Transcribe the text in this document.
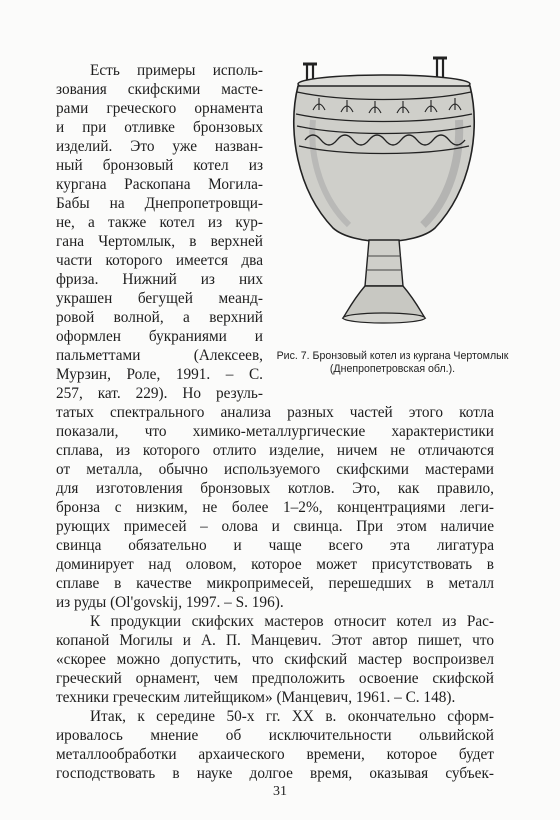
Рис. 7. Бронзовый котел из кургана Чертомлык
(Днепропетровская обл.).
Есть примеры исполь-
зования скифскими масте-
рами греческого орнамента
и при отливке бронзовых
изделий. Это уже назван-
ный бронзовый котел из
кургана Раскопана Могила-
Бабы на Днепропетровщи-
не, а также котел из кур-
гана Чертомлык, в верхней
части которого имеется два
фриза. Нижний из них
украшен бегущей меанд-
ровой волной, а верхний
оформлен букраниями и
пальметтами (Алексеев,
Мурзин, Роле, 1991. – С.
257, кат. 229). Но резуль-
татых спектрального анализа разных частей этого котла
показали, что химико-металлургические характеристики
сплава, из которого отлито изделие, ничем не отличаются
от металла, обычно используемого скифскими мастерами
для изготовления бронзовых котлов. Это, как правило,
бронза с низким, не более 1–2%, концентрациями леги-
рующих примесей – олова и свинца. При этом наличие
свинца обязательно и чаще всего эта лигатура
доминирует над оловом, которое может присутствовать в
сплаве в качестве микропримесей, перешедших в металл
из руды (Ol'govskij, 1997. – S. 196).
К продукции скифских мастеров относит котел из Рас-
копаной Могилы и А. П. Манцевич. Этот автор пишет, что
«скорее можно допустить, что скифский мастер воспроизвел
греческий орнамент, чем предположить освоение скифской
техники греческим литейщиком» (Манцевич, 1961. – С. 148).
Итак, к середине 50-х гг. XX в. окончательно сформ-
ировалось мнение об исключительности ольвийской
металлообработки архаического времени, которое будет
господствовать в науке долгое время, оказывая субъек-
31
